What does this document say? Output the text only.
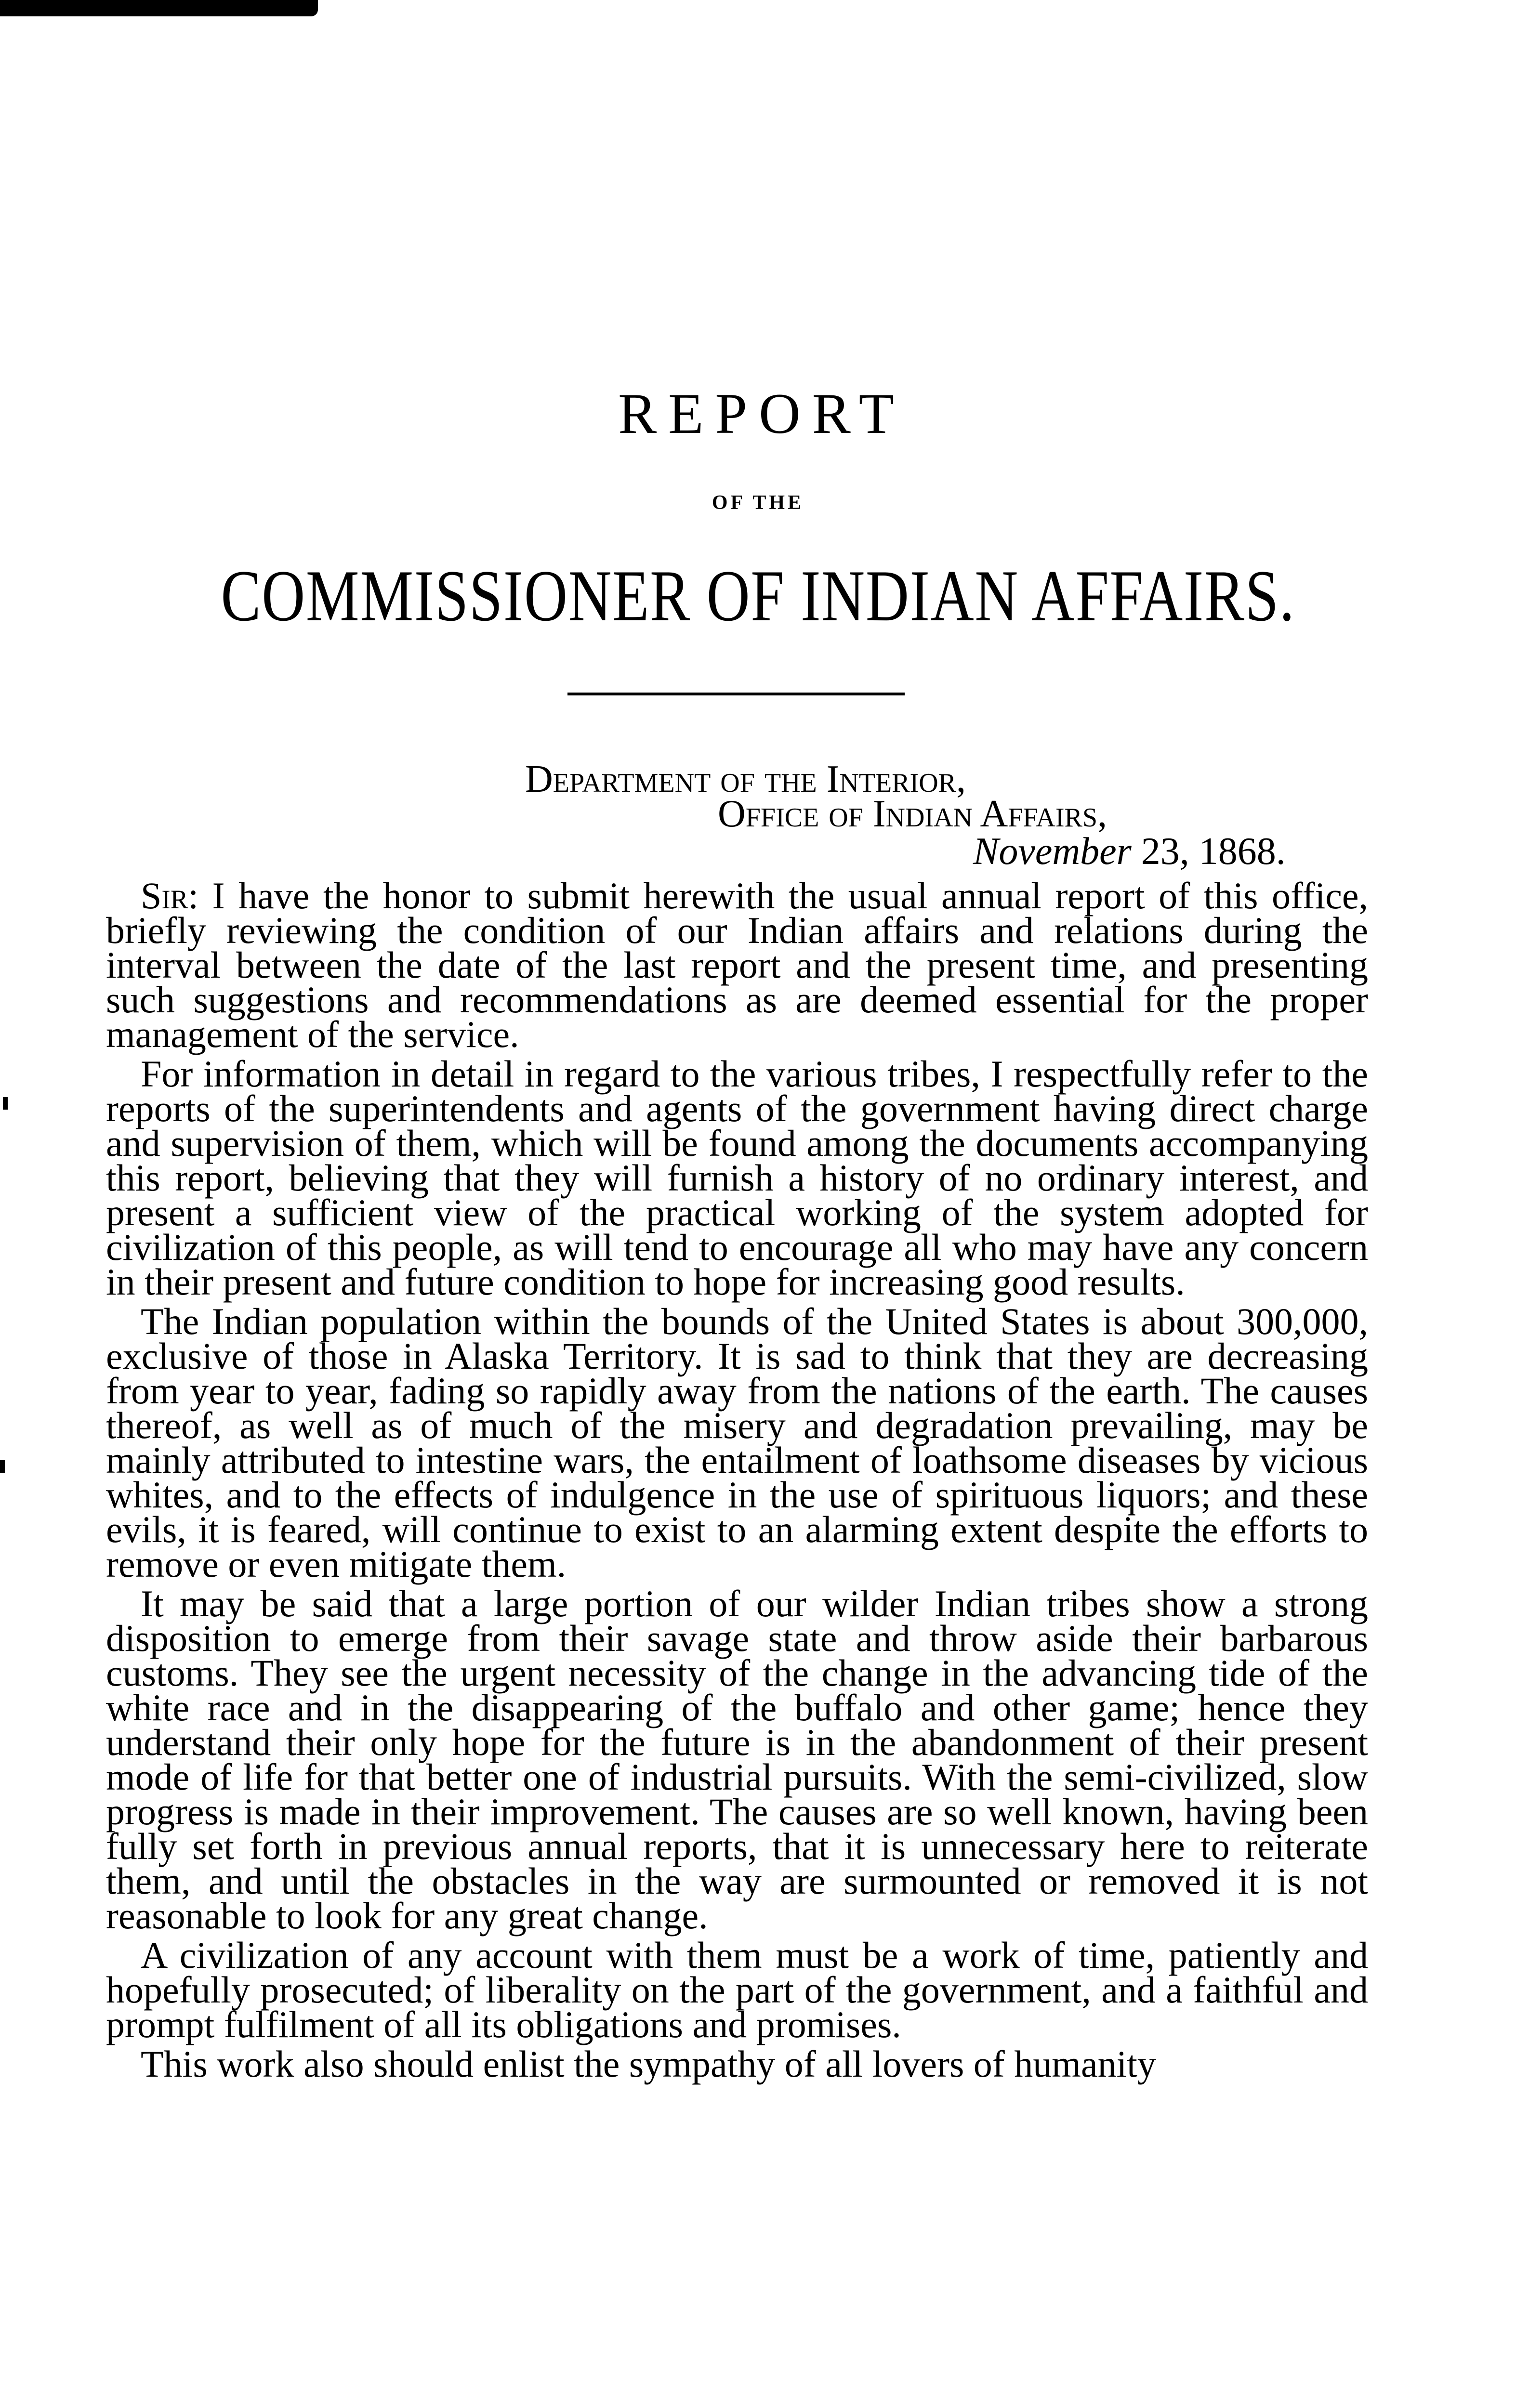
REPORT
OF THE
COMMISSIONER OF INDIAN AFFAIRS.
Department of the Interior,
Office of Indian Affairs,
November 23, 1868.

Sir: I have the honor to submit herewith the usual annual report of this office, briefly reviewing the condition of our Indian affairs and relations during the interval between the date of the last report and the present time, and presenting such suggestions and recommendations as are deemed essential for the proper management of the service.

For information in detail in regard to the various tribes, I respectfully refer to the reports of the superintendents and agents of the government having direct charge and supervision of them, which will be found among the documents accompanying this report, believing that they will furnish a history of no ordinary interest, and present a sufficient view of the practical working of the system adopted for civilization of this people, as will tend to encourage all who may have any concern in their present and future condition to hope for increasing good results.

The Indian population within the bounds of the United States is about 300,000, exclusive of those in Alaska Territory. It is sad to think that they are decreasing from year to year, fading so rapidly away from the nations of the earth. The causes thereof, as well as of much of the misery and degradation prevailing, may be mainly attributed to intestine wars, the entailment of loathsome diseases by vicious whites, and to the effects of indulgence in the use of spirituous liquors; and these evils, it is feared, will continue to exist to an alarming extent despite the efforts to remove or even mitigate them.

It may be said that a large portion of our wilder Indian tribes show a strong disposition to emerge from their savage state and throw aside their barbarous customs. They see the urgent necessity of the change in the advancing tide of the white race and in the disappearing of the buffalo and other game; hence they understand their only hope for the future is in the abandonment of their present mode of life for that better one of industrial pursuits. With the semi-civilized, slow progress is made in their improvement. The causes are so well known, having been fully set forth in previous annual reports, that it is unnecessary here to reiterate them, and until the obstacles in the way are surmounted or removed it is not reasonable to look for any great change.

A civilization of any account with them must be a work of time, patiently and hopefully prosecuted; of liberality on the part of the government, and a faithful and prompt fulfilment of all its obligations and promises.

This work also should enlist the sympathy of all lovers of humanity
